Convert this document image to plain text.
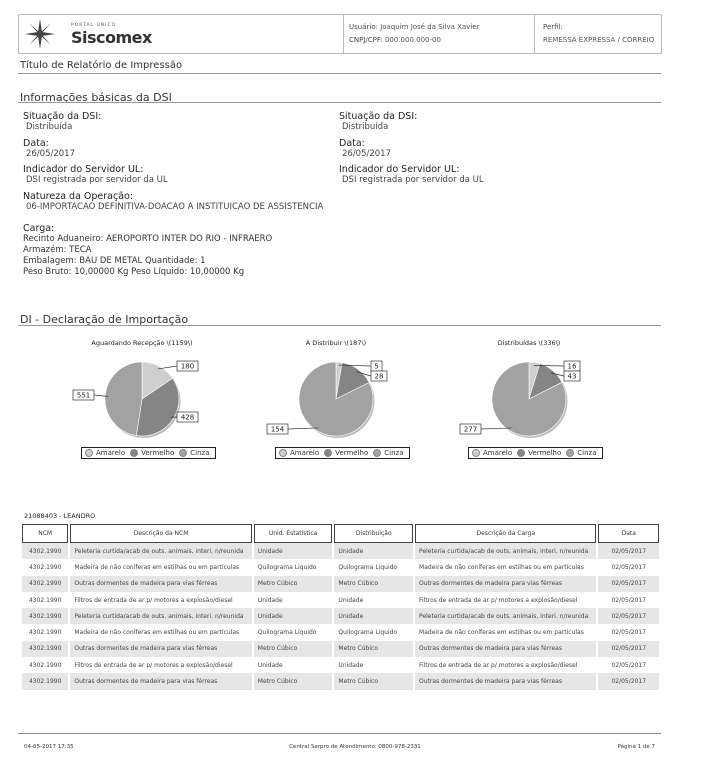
PORTAL ÚNICO
Siscomex
Usuário: Joaquim José da Silva Xavier
CNPJ/CPF: 000.000.000-00
Perfil:
REMESSA EXPRESSA / CORREIO
Título de Relatório de Impressão
Informações básicas da DSI
Situação da DSI:
Distribuída
Data:
26/05/2017
Indicador do Servidor UL:
DSI registrada por servidor da UL
Natureza da Operação:
06-IMPORTACAO DEFINITIVA-DOACAO A INSTITUICAO DE ASSISTENCIA
Carga:
Recinto Aduaneiro: AEROPORTO INTER DO RIO - INFRAERO
Armazém: TECA
Embalagem: BAU DE METAL Quantidade: 1
Peso Bruto: 10,00000 Kg Peso Líquido: 10,00000 Kg
Situação da DSI:
Distribuída
Data:
26/05/2017
Indicador do Servidor UL:
DSI registrada por servidor da UL
DI - Declaração de Importação
Aguardando Recepção \(1159\)
180
428
551
Amarelo Vermelho Cinza
À Distribuir \(187\)
5
28
154
Amarelo Vermelho Cinza
Distribuídas \(336\)
16
43
277
Amarelo Vermelho Cinza
21088403 - LEANDRO
NCM	Descrição da NCM	Unid. Estatística	Distribuição	Descrição da Carga	Data
4302.1990	Peleteria curtida/acab de outs. animais, interi. n/reunida	Unidade	Unidade	Peleteria curtida/acab de outs. animais, interi. n/reunida	02/05/2017
4302.1990	Madeira de não coníferas em estilhas ou em partículas	Quilograma Liquido	Quilograma Liquido	Madeira de não coníferas em estilhas ou em partículas	02/05/2017
4302.1990	Outras dormentes de madeira para vias férreas	Metro Cúbico	Metro Cúbico	Outras dormentes de madeira para vias férreas	02/05/2017
4302.1990	Filtros de entrada de ar p/ motores a explosão/diesel	Unidade	Unidade	Filtros de entrada de ar p/ motores a explosão/diesel	02/05/2017
4302.1990	Peleteria curtida/acab de outs. animais, interi. n/reunida	Unidade	Unidade	Peleteria curtida/acab de outs. animais, interi. n/reunida	02/05/2017
4302.1990	Madeira de não coníferas em estilhas ou em partículas	Quilograma Liquido	Quilograma Liquido	Madeira de não coníferas em estilhas ou em partículas	02/05/2017
4302.1990	Outras dormentes de madeira para vias férreas	Metro Cúbico	Metro Cúbico	Outras dormentes de madeira para vias férreas	02/05/2017
4302.1990	Filtros de entrada de ar p/ motores a explosão/diesel	Unidade	Unidade	Filtros de entrada de ar p/ motores a explosão/diesel	02/05/2017
4302.1990	Outras dormentes de madeira para vias férreas	Metro Cúbico	Metro Cúbico	Outras dormentes de madeira para vias férreas	02/05/2017
04-05-2017 17:35	Central Serpro de Atendimento: 0800-978-2331	Página 1 de 7
